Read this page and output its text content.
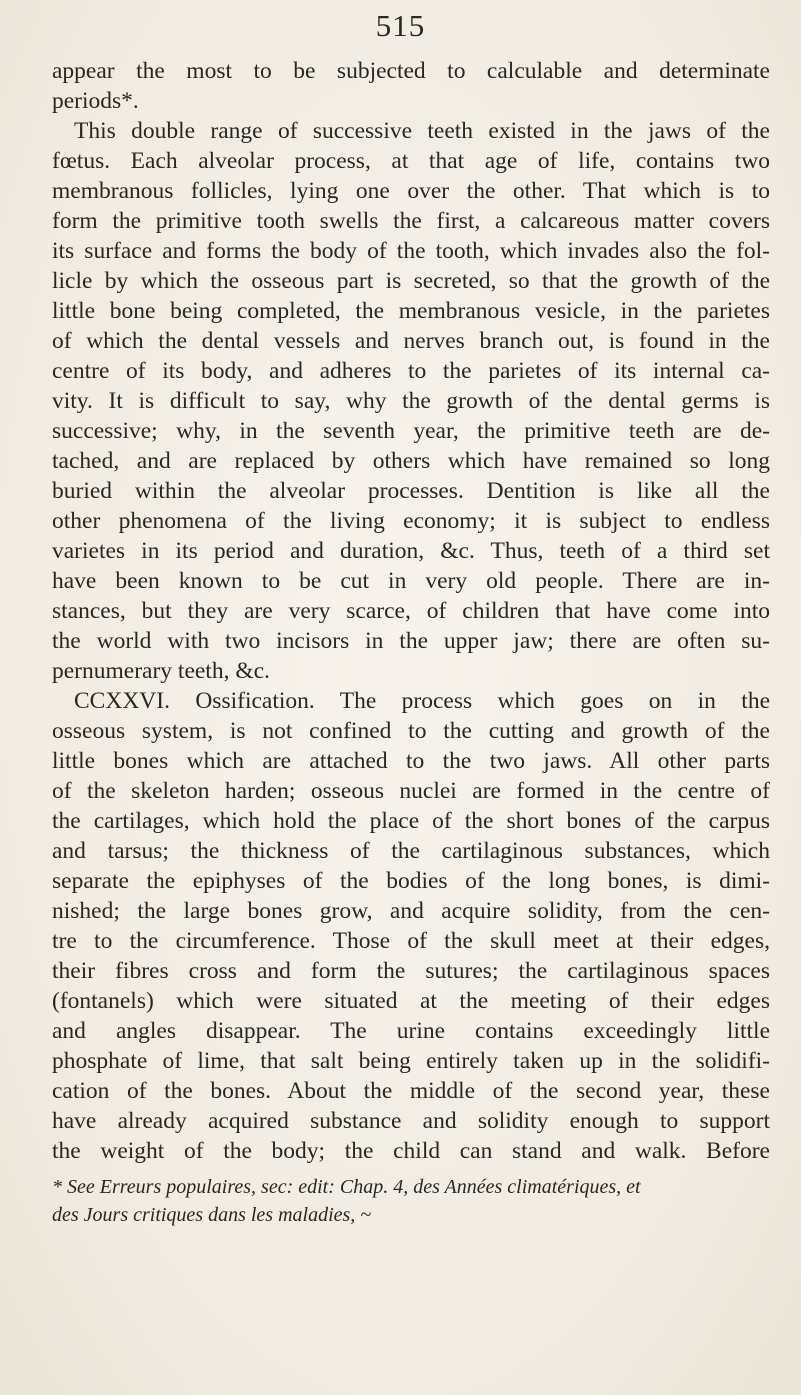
515
appear the most to be subjected to calculable and determinate
periods*.
This double range of successive teeth existed in the jaws of the
fœtus. Each alveolar process, at that age of life, contains two
membranous follicles, lying one over the other. That which is to
form the primitive tooth swells the first, a calcareous matter covers
its surface and forms the body of the tooth, which invades also the fol-
licle by which the osseous part is secreted, so that the growth of the
little bone being completed, the membranous vesicle, in the parietes
of which the dental vessels and nerves branch out, is found in the
centre of its body, and adheres to the parietes of its internal ca-
vity. It is difficult to say, why the growth of the dental germs is
successive; why, in the seventh year, the primitive teeth are de-
tached, and are replaced by others which have remained so long
buried within the alveolar processes. Dentition is like all the
other phenomena of the living economy; it is subject to endless
varietes in its period and duration, &c. Thus, teeth of a third set
have been known to be cut in very old people. There are in-
stances, but they are very scarce, of children that have come into
the world with two incisors in the upper jaw; there are often su-
pernumerary teeth, &c.
CCXXVI. Ossification. The process which goes on in the
osseous system, is not confined to the cutting and growth of the
little bones which are attached to the two jaws. All other parts
of the skeleton harden; osseous nuclei are formed in the centre of
the cartilages, which hold the place of the short bones of the carpus
and tarsus; the thickness of the cartilaginous substances, which
separate the epiphyses of the bodies of the long bones, is dimi-
nished; the large bones grow, and acquire solidity, from the cen-
tre to the circumference. Those of the skull meet at their edges,
their fibres cross and form the sutures; the cartilaginous spaces
(fontanels) which were situated at the meeting of their edges
and angles disappear. The urine contains exceedingly little
phosphate of lime, that salt being entirely taken up in the solidifi-
cation of the bones. About the middle of the second year, these
have already acquired substance and solidity enough to support
the weight of the body; the child can stand and walk. Before
* See Erreurs populaires, sec: edit: Chap. 4, des Années climatériques, et
des Jours critiques dans les maladies, ~
